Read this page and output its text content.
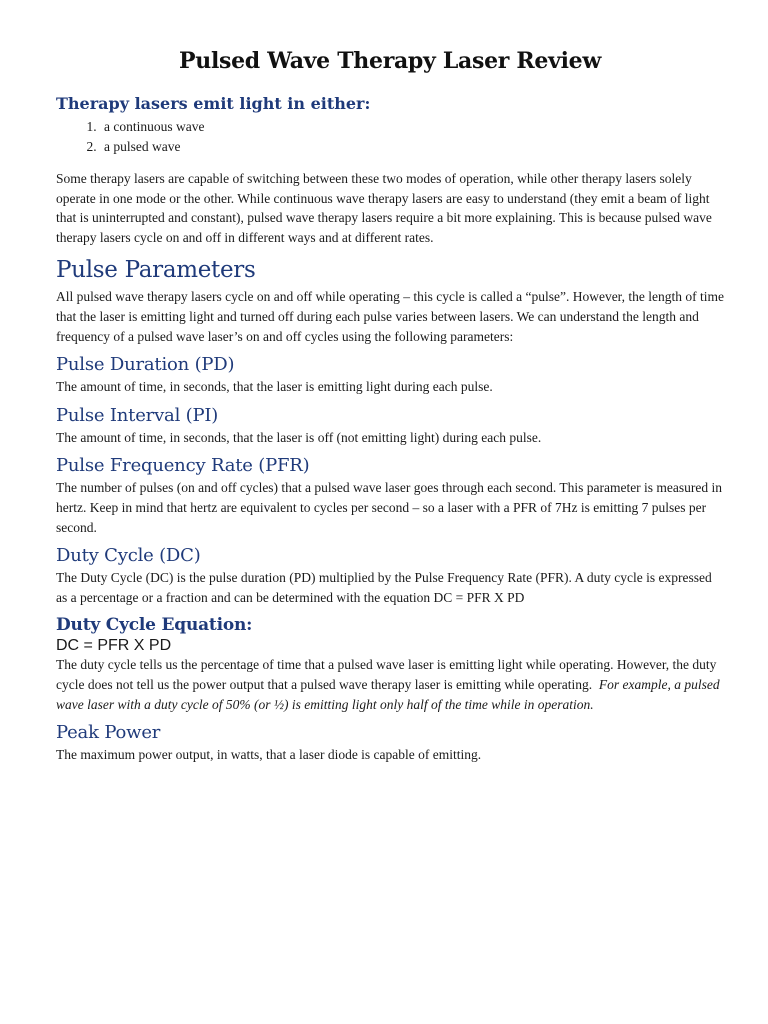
Pulsed Wave Therapy Laser Review
Therapy lasers emit light in either:
1. a continuous wave
2. a pulsed wave

Some therapy lasers are capable of switching between these two modes of operation, while other therapy lasers solely operate in one mode or the other. While continuous wave therapy lasers are easy to understand (they emit a beam of light that is uninterrupted and constant), pulsed wave therapy lasers require a bit more explaining. This is because pulsed wave therapy lasers cycle on and off in different ways and at different rates.

Pulse Parameters

All pulsed wave therapy lasers cycle on and off while operating – this cycle is called a “pulse”. However, the length of time that the laser is emitting light and turned off during each pulse varies between lasers. We can understand the length and frequency of a pulsed wave laser’s on and off cycles using the following parameters:

Pulse Duration (PD)

The amount of time, in seconds, that the laser is emitting light during each pulse.

Pulse Interval (PI)

The amount of time, in seconds, that the laser is off (not emitting light) during each pulse.

Pulse Frequency Rate (PFR)

The number of pulses (on and off cycles) that a pulsed wave laser goes through each second. This parameter is measured in hertz. Keep in mind that hertz are equivalent to cycles per second – so a laser with a PFR of 7Hz is emitting 7 pulses per second.

Duty Cycle (DC)

The Duty Cycle (DC) is the pulse duration (PD) multiplied by the Pulse Frequency Rate (PFR). A duty cycle is expressed as a percentage or a fraction and can be determined with the equation DC = PFR X PD

Duty Cycle Equation:
DC = PFR X PD

The duty cycle tells us the percentage of time that a pulsed wave laser is emitting light while operating. However, the duty cycle does not tell us the power output that a pulsed wave therapy laser is emitting while operating. For example, a pulsed wave laser with a duty cycle of 50% (or ½) is emitting light only half of the time while in operation.

Peak Power

The maximum power output, in watts, that a laser diode is capable of emitting.
